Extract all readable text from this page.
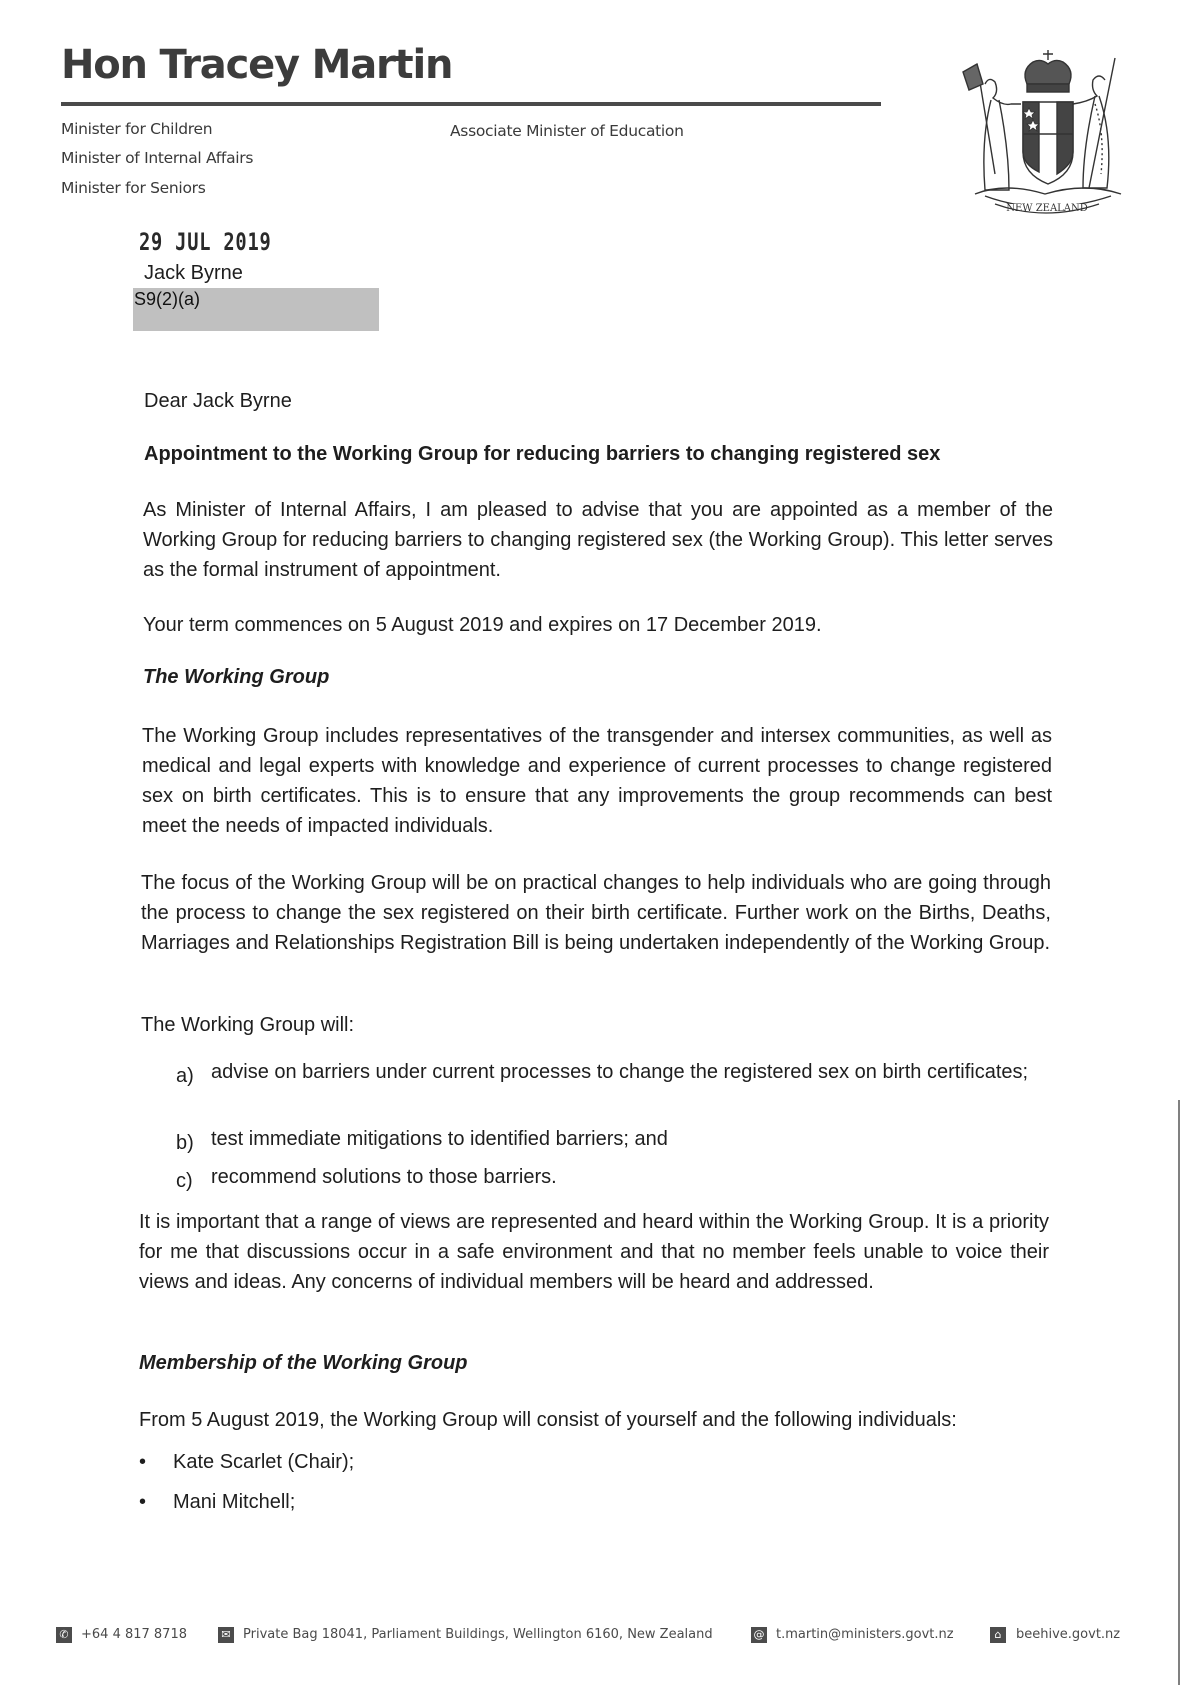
Hon Tracey Martin
Minister for Children
Minister of Internal Affairs
Minister for Seniors
Associate Minister of Education
NEW ZEALAND
29 JUL 2019
Jack Byrne
S9(2)(a)
Dear Jack Byrne
Appointment to the Working Group for reducing barriers to changing registered sex
As Minister of Internal Affairs, I am pleased to advise that you are appointed as a member of the Working Group for reducing barriers to changing registered sex (the Working Group). This letter serves as the formal instrument of appointment.
Your term commences on 5 August 2019 and expires on 17 December 2019.
The Working Group
The Working Group includes representatives of the transgender and intersex communities, as well as medical and legal experts with knowledge and experience of current processes to change registered sex on birth certificates. This is to ensure that any improvements the group recommends can best meet the needs of impacted individuals.
The focus of the Working Group will be on practical changes to help individuals who are going through the process to change the sex registered on their birth certificate. Further work on the Births, Deaths, Marriages and Relationships Registration Bill is being undertaken independently of the Working Group.
The Working Group will:
a) advise on barriers under current processes to change the registered sex on birth certificates;
b) test immediate mitigations to identified barriers; and
c) recommend solutions to those barriers.
It is important that a range of views are represented and heard within the Working Group. It is a priority for me that discussions occur in a safe environment and that no member feels unable to voice their views and ideas. Any concerns of individual members will be heard and addressed.
Membership of the Working Group
From 5 August 2019, the Working Group will consist of yourself and the following individuals:
• Kate Scarlet (Chair);
• Mani Mitchell;
✆ +64 4 817 8718	✉ Private Bag 18041, Parliament Buildings, Wellington 6160, New Zealand	@ t.martin@ministers.govt.nz	⌂	beehive.govt.nz
